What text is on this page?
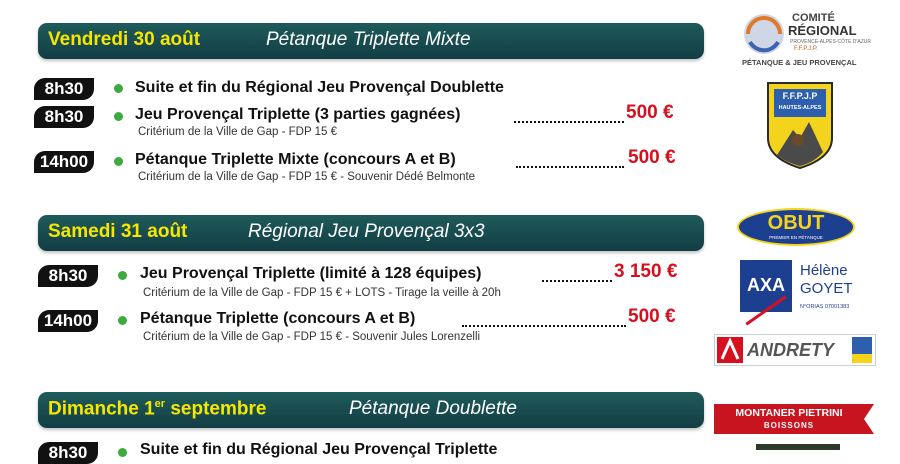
Vendredi 30 août	Pétanque Triplette Mixte
8h30	Suite et fin du Régional Jeu Provençal Doublette
8h30	Jeu Provençal Triplette (3 parties gagnées)	500 €
Critérium de la Ville de Gap - FDP 15 €
14h00	Pétanque Triplette Mixte (concours A et B)	500 €
Critérium de la Ville de Gap - FDP 15 € - Souvenir Dédé Belmonte
Samedi 31 août	Régional Jeu Provençal 3x3
8h30	Jeu Provençal Triplette (limité à 128 équipes)	3 150 €
Critérium de la Ville de Gap - FDP 15 € + LOTS - Tirage la veille à 20h
14h00	Pétanque Triplette (concours A et B)	500 €
Critérium de la Ville de Gap - FDP 15 € - Souvenir Jules Lorenzelli
Dimanche 1er septembre	Pétanque Doublette
8h30	Suite et fin du Régional Jeu Provençal Triplette
COMITÉ
RÉGIONAL
PROVENCE-ALPES-CÔTE D'AZUR
F.F.P.J.P.
PÉTANQUE & JEU PROVENÇAL
F.F.P.J.P
HAUTES-ALPES
OBUT
PREMIER EN PÉTANQUE
AXA
Hélène
GOYET
N°ORIAS 07001383
ANDRETY
MONTANER PIETRINI
BOISSONS
